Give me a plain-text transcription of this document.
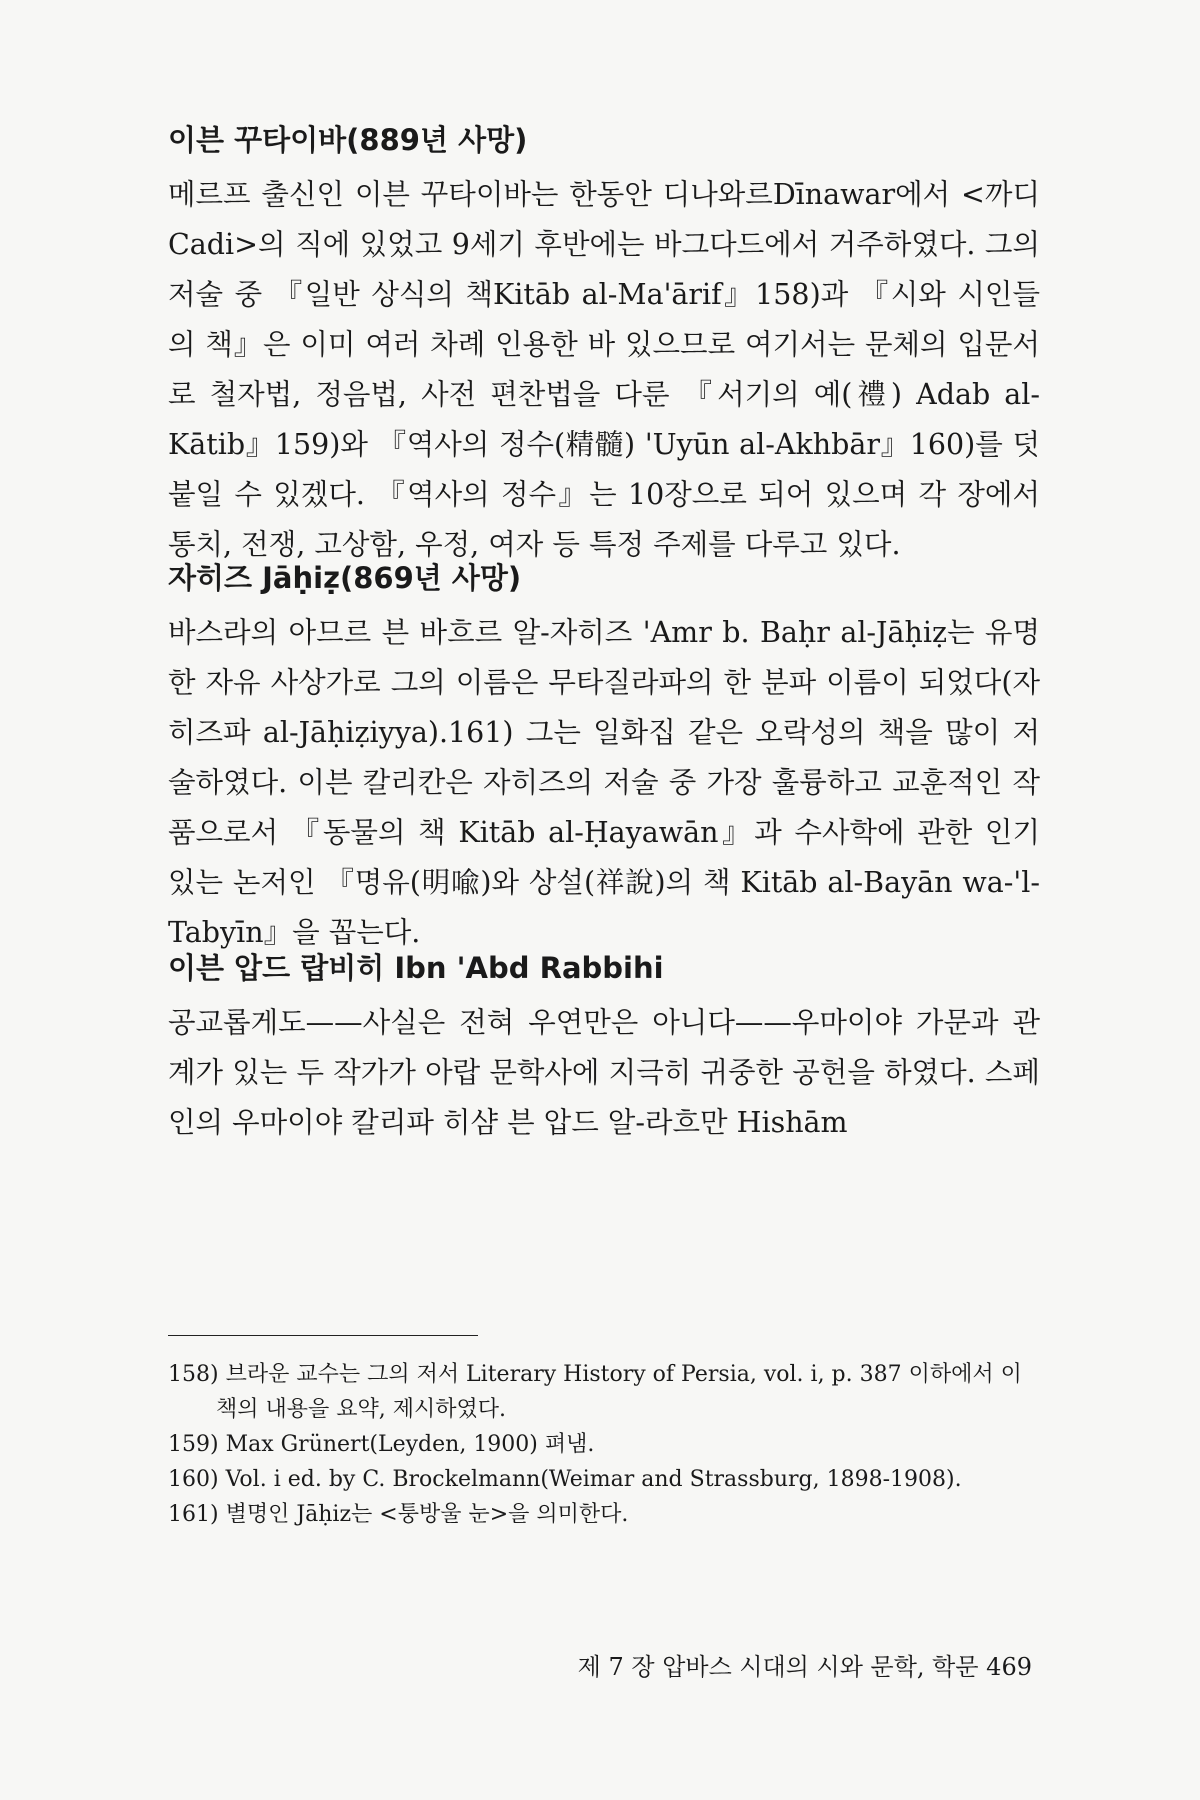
이븐 꾸타이바(889년 사망)

메르프 출신인 이븐 꾸타이바는 한동안 디나와르Dīnawar에서 <까디Cadi>의 직에 있었고 9세기 후반에는 바그다드에서 거주하였다. 그의 저술 중 『일반 상식의 책Kitāb al-Ma'ārif』158)과 『시와 시인들의 책』은 이미 여러 차례 인용한 바 있으므로 여기서는 문체의 입문서로 철자법, 정음법, 사전 편찬법을 다룬 『서기의 예(禮) Adab al-Kātib』159)와 『역사의 정수(精髓) 'Uyūn al-Akhbār』160)를 덧붙일 수 있겠다. 『역사의 정수』는 10장으로 되어 있으며 각 장에서 통치, 전쟁, 고상함, 우정, 여자 등 특정 주제를 다루고 있다.

자히즈 Jāḥiẓ(869년 사망)

바스라의 아므르 븐 바흐르 알-자히즈 'Amr b. Baḥr al-Jāḥiẓ는 유명한 자유 사상가로 그의 이름은 무타질라파의 한 분파 이름이 되었다(자히즈파 al-Jāḥiẓiyya).161) 그는 일화집 같은 오락성의 책을 많이 저술하였다. 이븐 칼리칸은 자히즈의 저술 중 가장 훌륭하고 교훈적인 작품으로서 『동물의 책 Kitāb al-Ḥayawān』과 수사학에 관한 인기 있는 논저인 『명유(明喩)와 상설(祥說)의 책 Kitāb al-Bayān wa-'l-Tabyīn』을 꼽는다.

이븐 압드 랍비히 Ibn 'Abd Rabbihi

공교롭게도——사실은 전혀 우연만은 아니다——우마이야 가문과 관계가 있는 두 작가가 아랍 문학사에 지극히 귀중한 공헌을 하였다. 스페인의 우마이야 칼리파 히샴 븐 압드 알-라흐만 Hishām

158) 브라운 교수는 그의 저서 Literary History of Persia, vol. i, p. 387 이하에서 이 책의 내용을 요약, 제시하였다.

159) Max Grünert(Leyden, 1900) 펴냄.

160) Vol. i ed. by C. Brockelmann(Weimar and Strassburg, 1898-1908).

161) 별명인 Jāḥiz는 <퉁방울 눈>을 의미한다.

제 7 장 압바스 시대의 시와 문학, 학문 469
